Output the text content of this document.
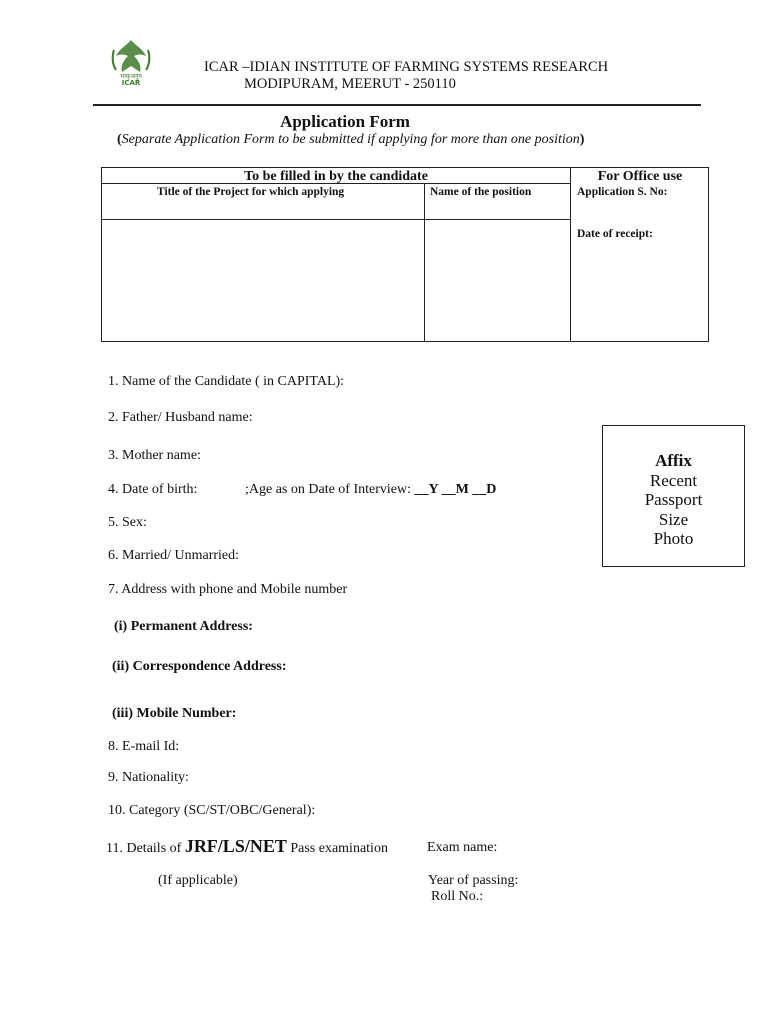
भाकृअनुप
ICAR
ICAR –IDIAN INSTITUTE OF FARMING SYSTEMS RESEARCH
MODIPURAM, MEERUT - 250110
Application Form
(Separate Application Form to be submitted if applying for more than one position)
To be filled in by the candidate	For Office use
Title of the Project for which applying	Name of the position	Application S. No:
Date of receipt:
1. Name of the Candidate ( in CAPITAL):
2. Father/ Husband name:
3. Mother name:
4. Date of birth:	;Age as on Date of Interview: __Y __M __D
5. Sex:
6. Married/ Unmarried:
7. Address with phone and Mobile number
(i) Permanent Address:
(ii) Correspondence Address:
(iii) Mobile Number:
8. E-mail Id:
9. Nationality:
10. Category (SC/ST/OBC/General):
11. Details of JRF/LS/NET Pass examination
(If applicable)
Exam name:
Year of passing:
Roll No.:
Affix
Recent
Passport
Size
Photo
